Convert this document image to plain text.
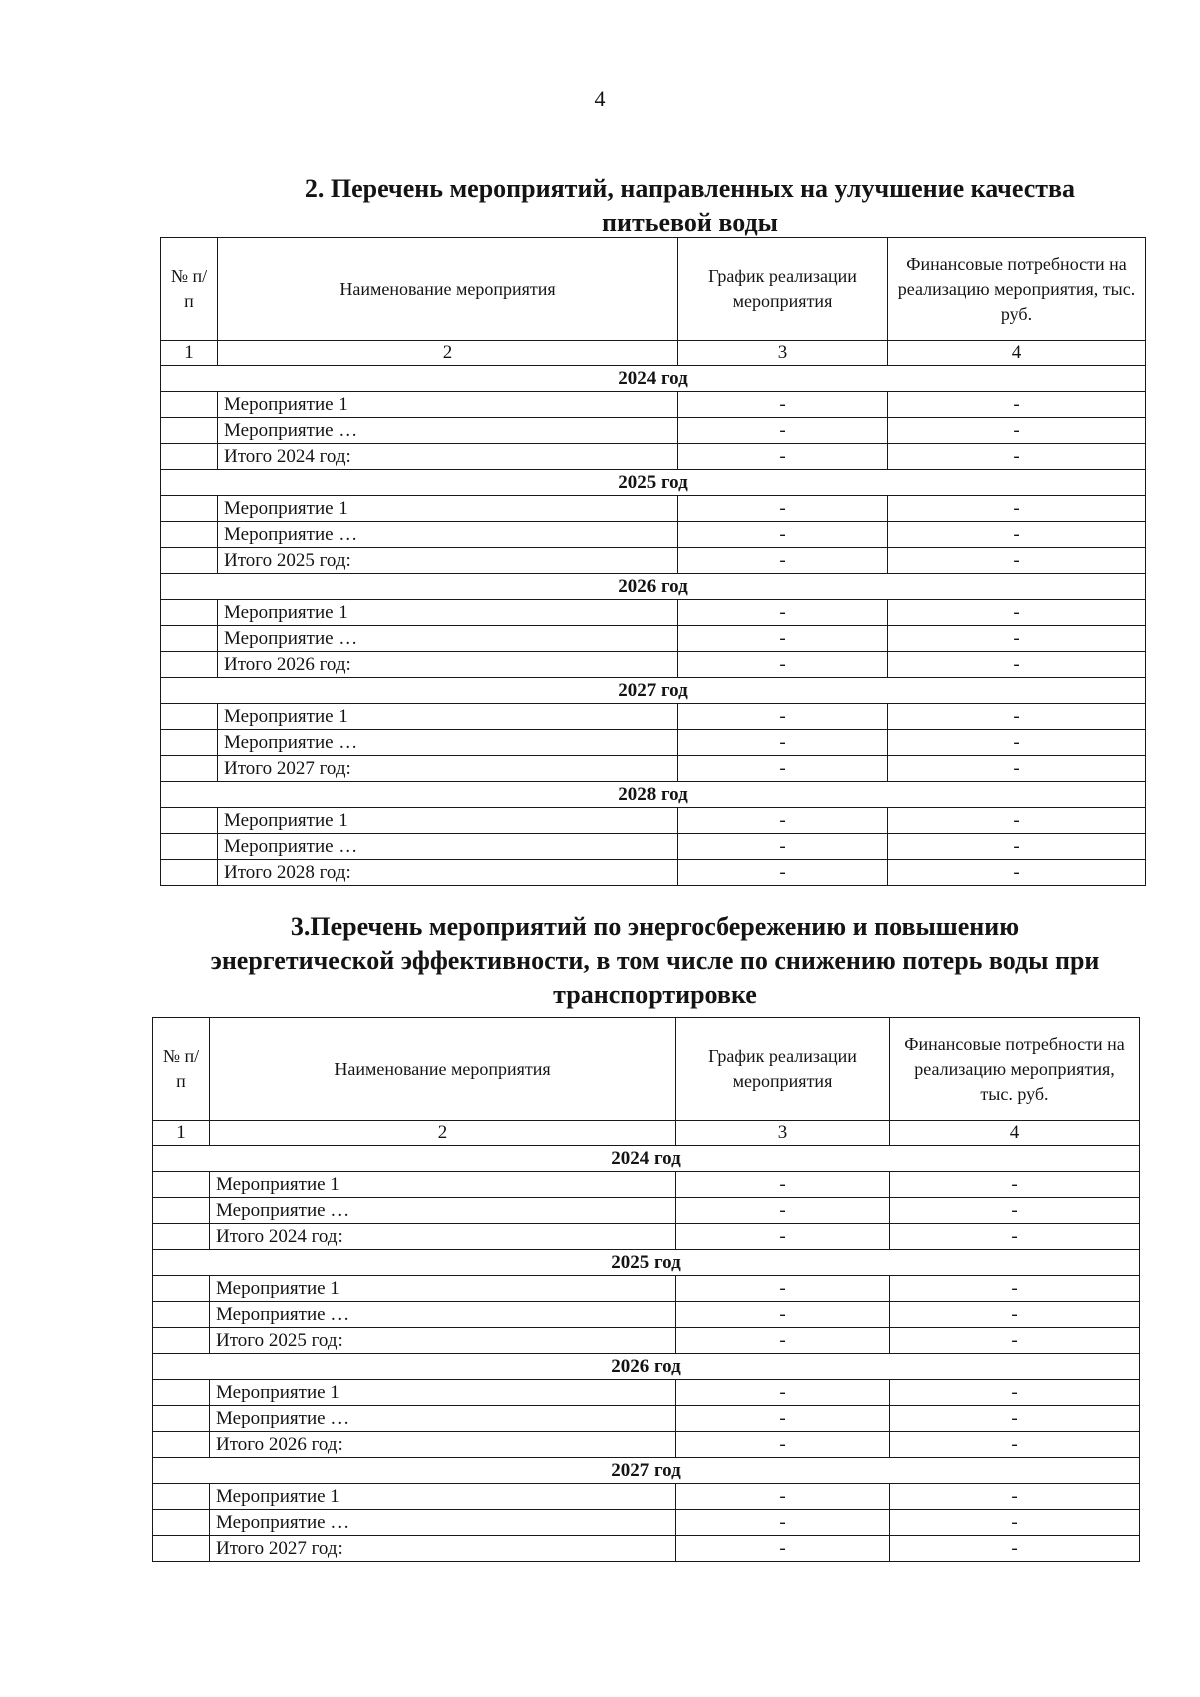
4
2. Перечень мероприятий, направленных на улучшение качества
питьевой воды
№ п/п	Наименование мероприятия	График реализации мероприятия	Финансовые потребности на реализацию мероприятия, тыс. руб.
1	2	3	4
2024 год			
	Мероприятие 1	-	-
	Мероприятие …	-	-
	Итого 2024 год:	-	-
2025 год			
	Мероприятие 1	-	-
	Мероприятие …	-	-
	Итого 2025 год:	-	-
2026 год			
	Мероприятие 1	-	-
	Мероприятие …	-	-
	Итого 2026 год:	-	-
2027 год			
	Мероприятие 1	-	-
	Мероприятие …	-	-
	Итого 2027 год:	-	-
2028 год			
	Мероприятие 1	-	-
	Мероприятие …	-	-
	Итого 2028 год:	-	-
3.Перечень мероприятий по энергосбережению и повышению
энергетической эффективности, в том числе по снижению потерь воды при
транспортировке
№ п/п	Наименование мероприятия	График реализации мероприятия	Финансовые потребности на реализацию мероприятия, тыс. руб.
1	2	3	4
2024 год			
	Мероприятие 1	-	-
	Мероприятие …	-	-
	Итого 2024 год:	-	-
2025 год			
	Мероприятие 1	-	-
	Мероприятие …	-	-
	Итого 2025 год:	-	-
2026 год			
	Мероприятие 1	-	-
	Мероприятие …	-	-
	Итого 2026 год:	-	-
2027 год			
	Мероприятие 1	-	-
	Мероприятие …	-	-
	Итого 2027 год:	-	-
